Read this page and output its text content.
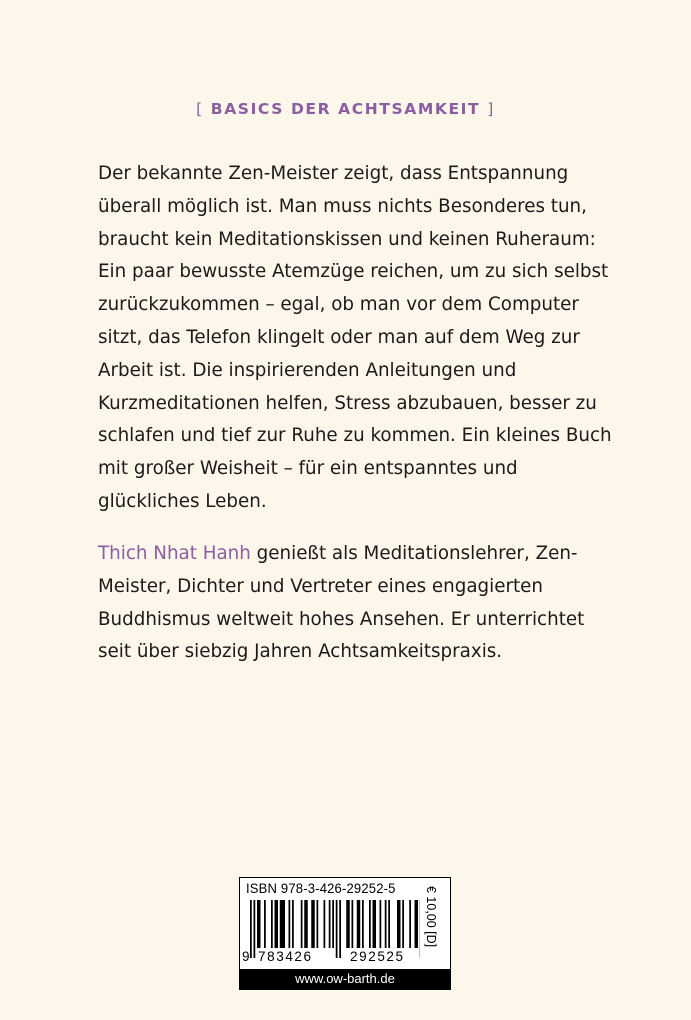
[ BASICS DER ACHTSAMKEIT ]

Der bekannte Zen-Meister zeigt, dass Entspannung überall möglich ist. Man muss nichts Besonderes tun, braucht kein Meditationskissen und keinen Ruheraum: Ein paar bewusste Atemzüge reichen, um zu sich selbst zurückzukommen – egal, ob man vor dem Computer sitzt, das Telefon klingelt oder man auf dem Weg zur Arbeit ist. Die inspirierenden Anleitungen und Kurzmeditationen helfen, Stress abzubauen, besser zu schlafen und tief zur Ruhe zu kommen. Ein kleines Buch mit großer Weisheit – für ein entspanntes und glückliches Leben.

Thich Nhat Hanh genießt als Meditationslehrer, Zen-Meister, Dichter und Vertreter eines engagierten Buddhismus weltweit hohes Ansehen. Er unterrichtet seit über siebzig Jahren Achtsamkeitspraxis.

ISBN 978-3-426-29252-5
9 783426	292525
€ 10,00 [D]
www.ow-barth.de
